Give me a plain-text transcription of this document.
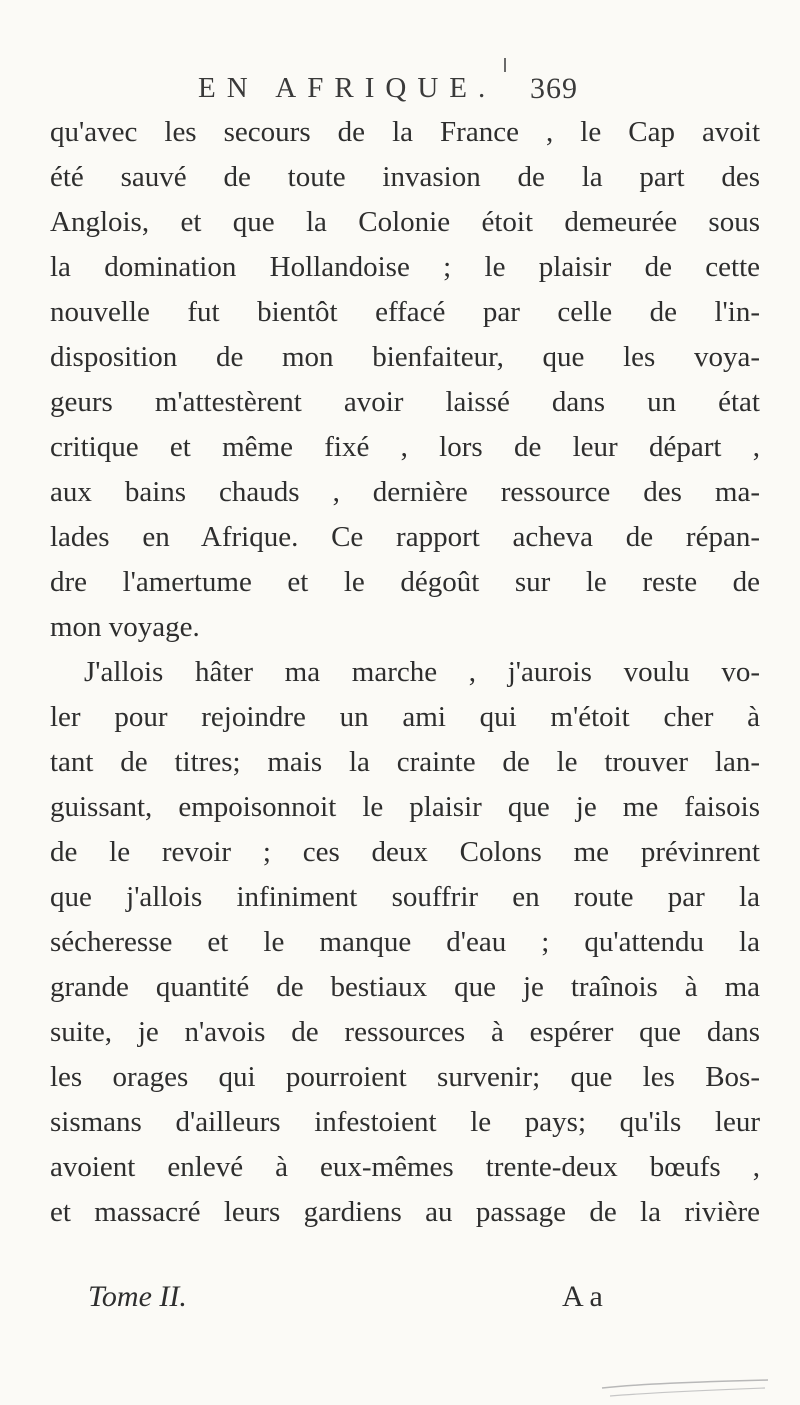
EN AFRIQUE. 369
qu'avec les secours de la France , le Cap avoit
été sauvé de toute invasion de la part des
Anglois, et que la Colonie étoit demeurée sous
la domination Hollandoise ; le plaisir de cette
nouvelle fut bientôt effacé par celle de l'in-
disposition de mon bienfaiteur, que les voya-
geurs m'attestèrent avoir laissé dans un état
critique et même fixé , lors de leur départ ,
aux bains chauds , dernière ressource des ma-
lades en Afrique. Ce rapport acheva de répan-
dre l'amertume et le dégoût sur le reste de
mon voyage.
J'allois hâter ma marche , j'aurois voulu vo-
ler pour rejoindre un ami qui m'étoit cher à
tant de titres; mais la crainte de le trouver lan-
guissant, empoisonnoit le plaisir que je me faisois
de le revoir ; ces deux Colons me prévinrent
que j'allois infiniment souffrir en route par la
sécheresse et le manque d'eau ; qu'attendu la
grande quantité de bestiaux que je traînois à ma
suite, je n'avois de ressources à espérer que dans
les orages qui pourroient survenir; que les Bos-
sismans d'ailleurs infestoient le pays; qu'ils leur
avoient enlevé à eux-mêmes trente-deux bœufs ,
et massacré leurs gardiens au passage de la rivière
Tome II.	A a
